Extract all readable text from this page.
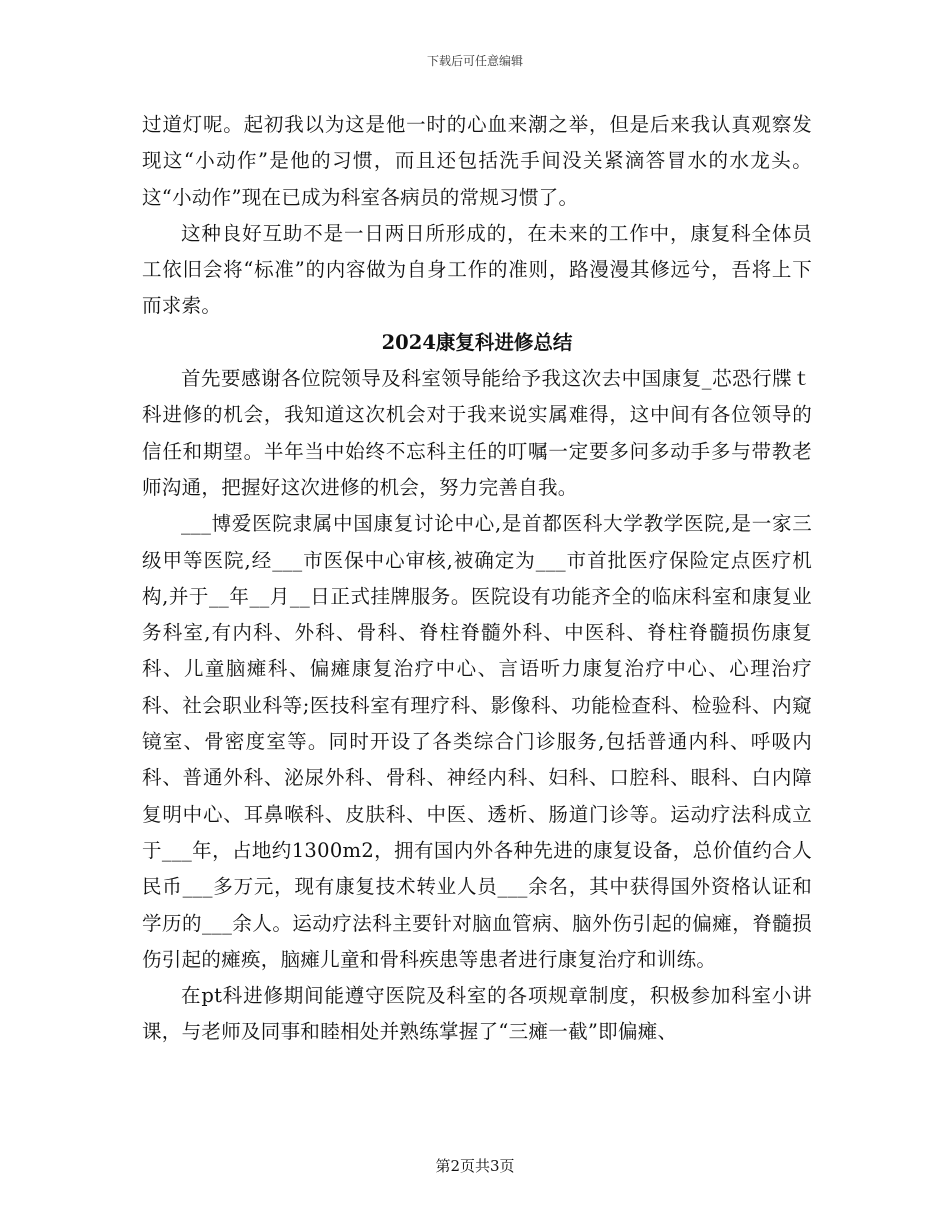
下载后可任意编辑

过道灯呢。起初我以为这是他一时的心血来潮之举，但是后来我认真观察发现这“小动作”是他的习惯，而且还包括洗手间没关紧滴答冒水的水龙头。这“小动作”现在已成为科室各病员的常规习惯了。

这种良好互助不是一日两日所形成的，在未来的工作中，康复科全体员工依旧会将“标准”的内容做为自身工作的准则，路漫漫其修远兮，吾将上下而求索。

2024康复科进修总结

首先要感谢各位院领导及科室领导能给予我这次去中国康复_芯恐行牒ｔ科进修的机会，我知道这次机会对于我来说实属难得，这中间有各位领导的信任和期望。半年当中始终不忘科主任的叮嘱一定要多问多动手多与带教老师沟通，把握好这次进修的机会，努力完善自我。

___博爱医院隶属中国康复讨论中心,是首都医科大学教学医院,是一家三级甲等医院,经___市医保中心审核,被确定为___市首批医疗保险定点医疗机构,并于__年__月__日正式挂牌服务。医院设有功能齐全的临床科室和康复业务科室,有内科、外科、骨科、脊柱脊髓外科、中医科、脊柱脊髓损伤康复科、儿童脑瘫科、偏瘫康复治疗中心、言语听力康复治疗中心、心理治疗科、社会职业科等;医技科室有理疗科、影像科、功能检查科、检验科、内窥镜室、骨密度室等。同时开设了各类综合门诊服务,包括普通内科、呼吸内科、普通外科、泌尿外科、骨科、神经内科、妇科、口腔科、眼科、白内障复明中心、耳鼻喉科、皮肤科、中医、透析、肠道门诊等。运动疗法科成立于___年，占地约1300m2，拥有国内外各种先进的康复设备，总价值约合人民币___多万元，现有康复技术转业人员___余名，其中获得国外资格认证和学历的___余人。运动疗法科主要针对脑血管病、脑外伤引起的偏瘫，脊髓损伤引起的瘫痪，脑瘫儿童和骨科疾患等患者进行康复治疗和训练。

在pt科进修期间能遵守医院及科室的各项规章制度，积极参加科室小讲课，与老师及同事和睦相处并熟练掌握了“三瘫一截”即偏瘫、

第2页共3页
